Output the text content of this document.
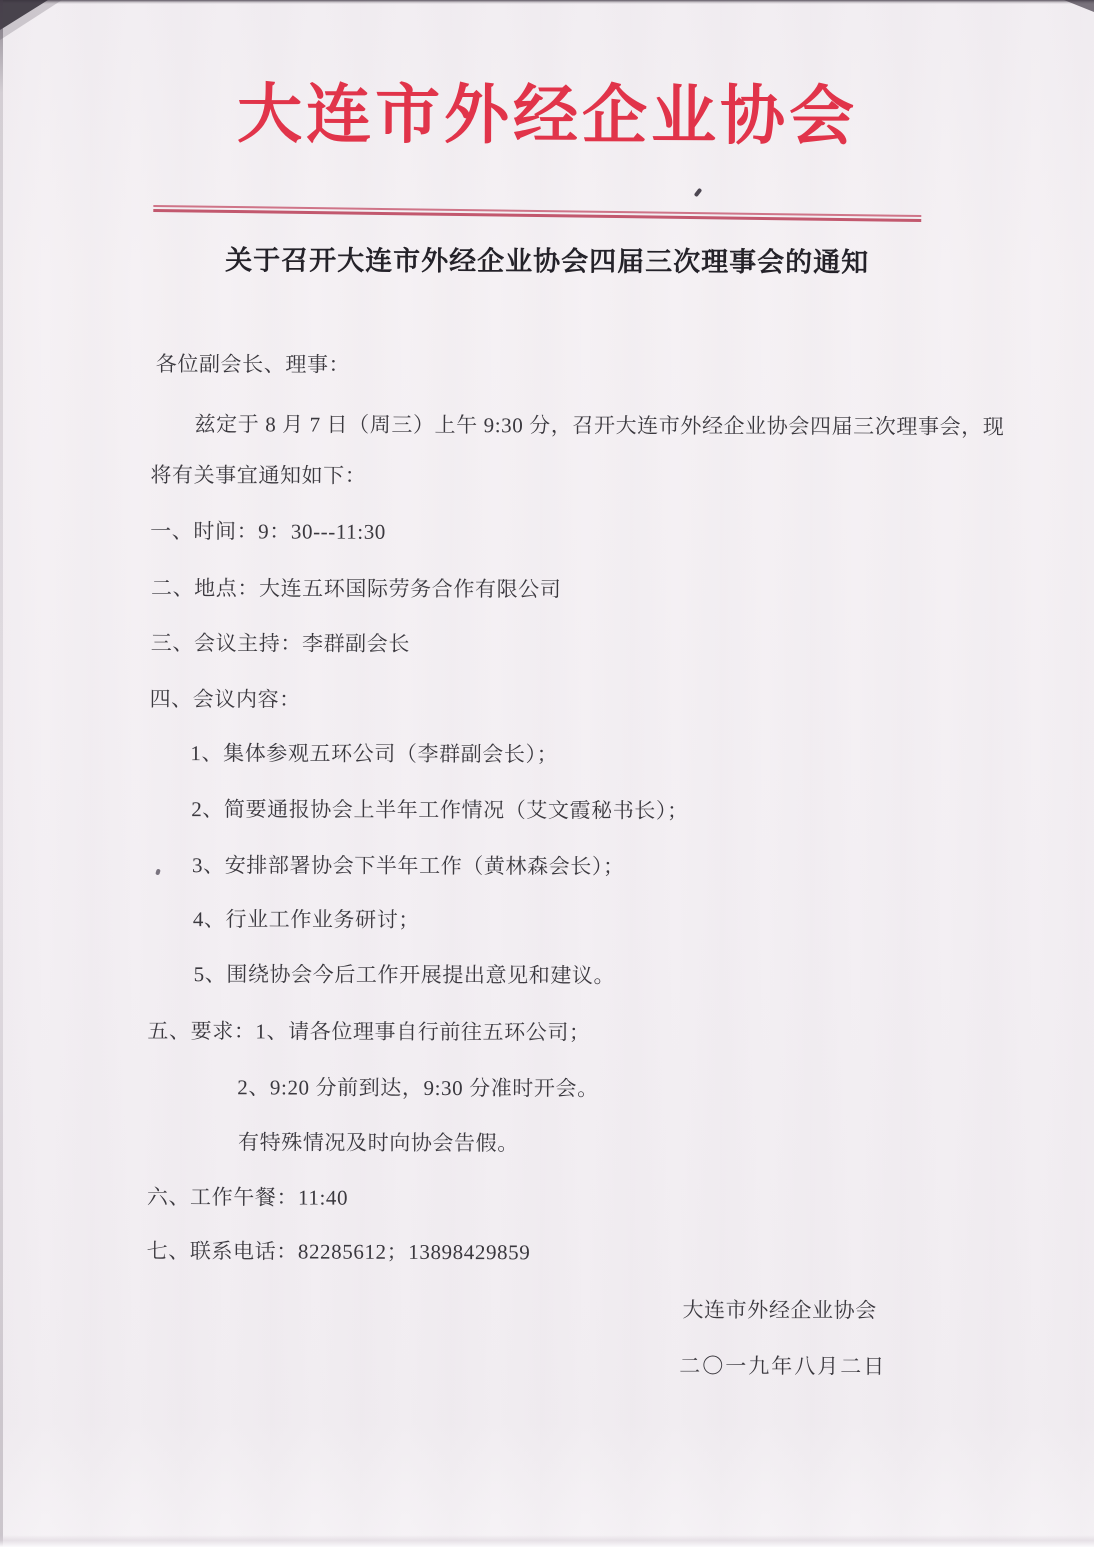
大连市外经企业协会
关于召开大连市外经企业协会四届三次理事会的通知
各位副会长、理事：
兹定于 8 月 7 日（周三）上午 9:30 分，召开大连市外经企业协会四届三次理事会，现
将有关事宜通知如下：
一、时间：9：30---11:30
二、地点：大连五环国际劳务合作有限公司
三、会议主持：李群副会长
四、会议内容：
1、集体参观五环公司（李群副会长）；
2、简要通报协会上半年工作情况（艾文霞秘书长）；
3、安排部署协会下半年工作（黄林森会长）；
4、行业工作业务研讨；
5、围绕协会今后工作开展提出意见和建议。
五、要求：1、请各位理事自行前往五环公司；
2、9:20 分前到达，9:30 分准时开会。
有特殊情况及时向协会告假。
六、工作午餐：11:40
七、联系电话：82285612；13898429859
大连市外经企业协会
二〇一九年八月二日
